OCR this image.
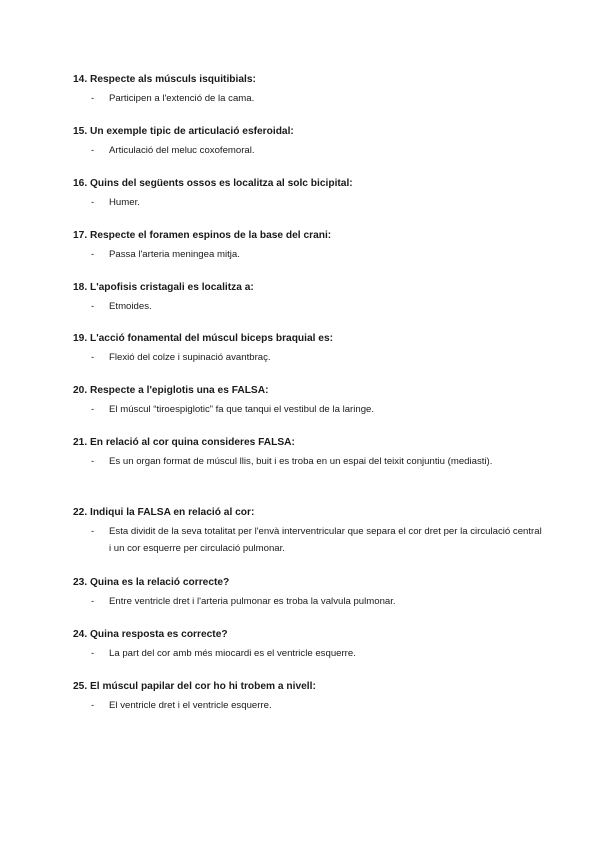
14. Respecte als músculs isquitibials:

- Participen a l'extenció de la cama.

15. Un exemple tipic de articulació esferoidal:

- Articulació del meluc coxofemoral.

16. Quins del següents ossos es localitza al solc bicipital:

- Humer.

17. Respecte el foramen espinos de la base del crani:

- Passa l'arteria meningea mitja.

18. L'apofisis cristagali es localitza a:

- Etmoides.

19. L'acció fonamental del múscul biceps braquial es:

- Flexió del colze i supinació avantbraç.

20. Respecte a l'epiglotis una es FALSA:

- El múscul “tiroespiglotic” fa que tanqui el vestibul de la laringe.

21. En relació al cor quina consideres FALSA:

- Es un organ format de múscul llis, buit i es troba en un espai del teixit conjuntiu (mediasti).

22. Indiqui la FALSA en relació al cor:

- Esta dividit de la seva totalitat per l'envà interventricular que separa el cor dret per la circulació central i un cor esquerre per circulació pulmonar.

23. Quina es la relació correcte?

- Entre ventricle dret i l'arteria pulmonar es troba la valvula pulmonar.

24. Quina resposta es correcte?

- La part del cor amb més miocardi es el ventricle esquerre.

25. El múscul papilar del cor ho hi trobem a nivell:

- El ventricle dret i el ventricle esquerre.
